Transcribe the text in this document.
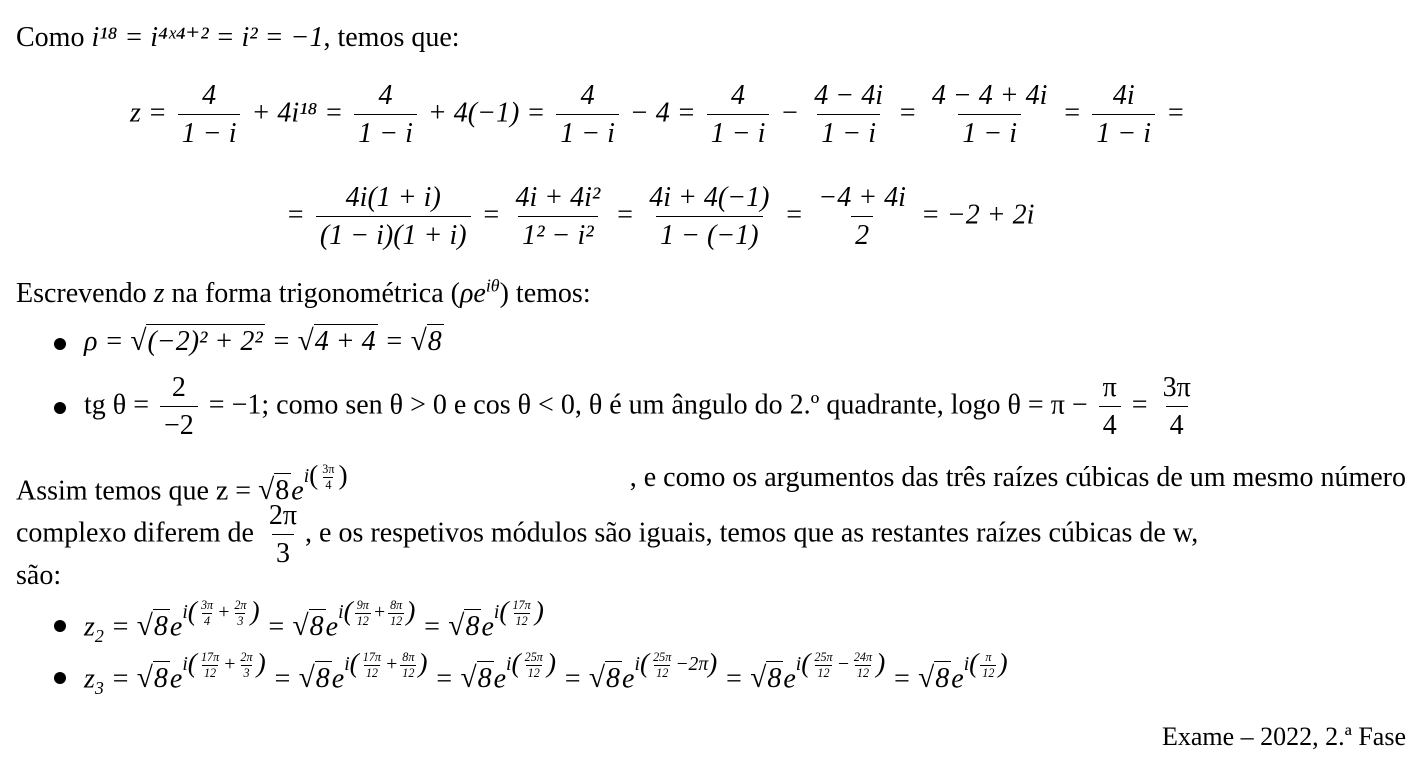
Como i¹⁸ = i⁴ˣ⁴⁺² = i² = −1, temos que:
$z = \frac{4}{1 - i} + 4i^{18} = \frac{4}{1 - i} + 4(-1) = \frac{4}{1 - i} - 4 = \frac{4}{1 - i} - \frac{4 - 4i}{1 - i} = \frac{4 - 4 + 4i}{1 - i} = \frac{4i}{1 - i}$ =
= $\frac{4i(1 + i)}{(1 - i)(1 + i)} = \frac{\text{4i + 4i²}}{\text{1² − i²}} = \frac{4i + 4(-1)}{1 - (-1)} = \frac{-4 + 4i}{2} = -2 + 2i$
Escrevendo z na forma trigonométrica $(\rho e^{i\theta})$ temos:
ρ = √(−2)² + 2² = √4 + 4 = √8
tg $\theta = \frac{2}{-2} = -1$; como sen θ > 0 e cos θ < 0, θ é um ângulo do 2.º quadrante, logo $\theta = \pi - \frac{\pi}{4} = \frac{3\pi}{4}$
Assim temos que $z = √8ei( \frac{3\pi}{4}$ )	, e como os argumentos das três raízes cúbicas de um mesmo número
complexo diferem de $\frac{2\pi}{3}$ , e os respetivos módulos são iguais, temos que as restantes raízes cúbicas de w,
são:
$z_2 = √8ei( \frac{3\pi}{4} + \frac{2\pi}{3}$ ) = $√8ei( \frac{9\pi}{12} + \frac{8\pi}{12}$ ) = $√8ei( \frac{17\pi}{12}$ )
$z_3 = √8ei( \frac{17\pi}{12} + \frac{2\pi}{3}$ ) = $√8ei( \frac{17\pi}{12} + \frac{8\pi}{12}$ ) = $√8ei( \frac{25\pi}{12}$ ) = $√8ei( \frac{25\pi}{12} -2\pi) = √8ei( \frac{25\pi}{12} - \frac{24\pi}{12}$ ) = $√8ei( \frac{\pi}{12}$ )
Exame – 2022, 2.ª Fase
